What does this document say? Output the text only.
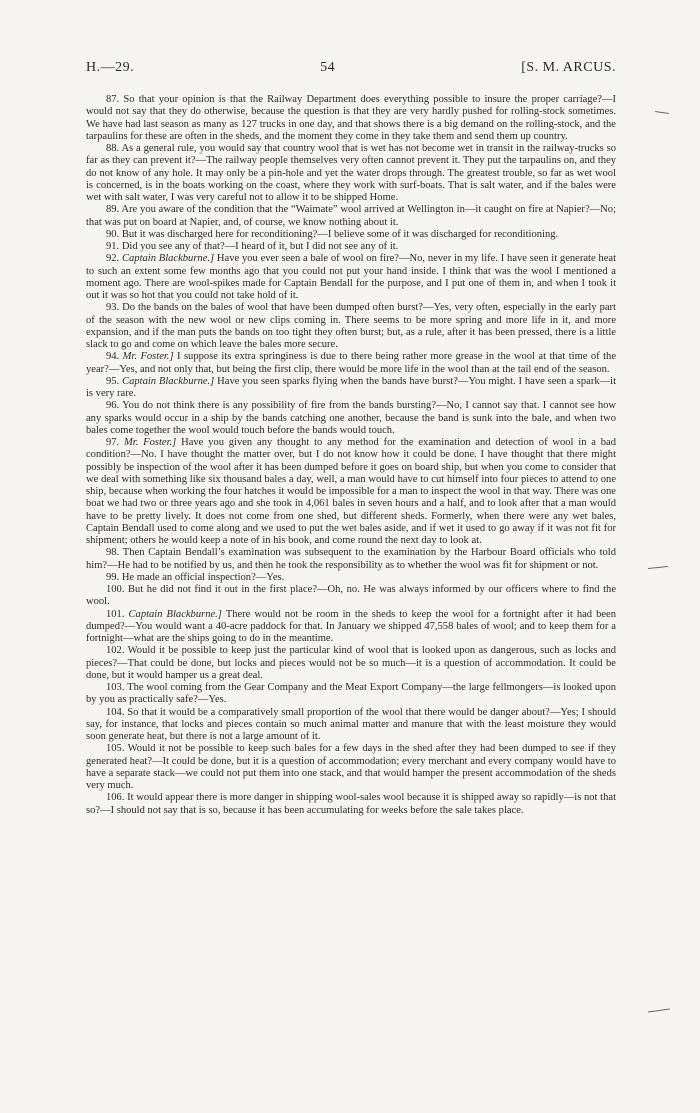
H.—29.	54	[S. M. ARCUS.

87. So that your opinion is that the Railway Department does everything possible to insure the proper carriage?—I would not say that they do otherwise, because the question is that they are very hardly pushed for rolling-stock sometimes. We have had last season as many as 127 trucks in one day, and that shows there is a big demand on the rolling-stock, and the tarpaulins for these are often in the sheds, and the moment they come in they take them and send them up country.

88. As a general rule, you would say that country wool that is wet has not become wet in transit in the railway-trucks so far as they can prevent it?—The railway people themselves very often cannot prevent it. They put the tarpaulins on, and they do not know of any hole. It may only be a pin-hole and yet the water drops through. The greatest trouble, so far as wet wool is concerned, is in the boats working on the coast, where they work with surf-boats. That is salt water, and if the bales were wet with salt water, I was very careful not to allow it to be shipped Home.

89. Are you aware of the condition that the “Waimate” wool arrived at Wellington in—it caught on fire at Napier?—No; that was put on board at Napier, and, of course, we know nothing about it.

90. But it was discharged here for reconditioning?—I believe some of it was discharged for reconditioning.

91. Did you see any of that?—I heard of it, but I did not see any of it.

92. Captain Blackburne.] Have you ever seen a bale of wool on fire?—No, never in my life. I have seen it generate heat to such an extent some few months ago that you could not put your hand inside. I think that was the wool I mentioned a moment ago. There are wool-spikes made for Captain Bendall for the purpose, and I put one of them in, and when I took it out it was so hot that you could not take hold of it.

93. Do the bands on the bales of wool that have been dumped often burst?—Yes, very often, especially in the early part of the season with the new wool or new clips coming in. There seems to be more spring and more life in it, and more expansion, and if the man puts the bands on too tight they often burst; but, as a rule, after it has been pressed, there is a little slack to go and come on which leave the bales more secure.

94. Mr. Foster.] I suppose its extra springiness is due to there being rather more grease in the wool at that time of the year?—Yes, and not only that, but being the first clip, there would be more life in the wool than at the tail end of the season.

95. Captain Blackburne.] Have you seen sparks flying when the bands have burst?—You might. I have seen a spark—it is very rare.

96. You do not think there is any possibility of fire from the bands bursting?—No, I cannot say that. I cannot see how any sparks would occur in a ship by the bands catching one another, because the band is sunk into the bale, and when two bales come together the wool would touch before the bands would touch.

97. Mr. Foster.] Have you given any thought to any method for the examination and detection of wool in a bad condition?—No. I have thought the matter over, but I do not know how it could be done. I have thought that there might possibly be inspection of the wool after it has been dumped before it goes on board ship, but when you come to consider that we deal with something like six thousand bales a day, well, a man would have to cut himself into four pieces to attend to one ship, because when working the four hatches it would be impossible for a man to inspect the wool in that way. There was one boat we had two or three years ago and she took in 4,061 bales in seven hours and a half, and to look after that a man would have to be pretty lively. It does not come from one shed, but different sheds. Formerly, when there were any wet bales, Captain Bendall used to come along and we used to put the wet bales aside, and if wet it used to go away if it was not fit for shipment; others he would keep a note of in his book, and come round the next day to look at.

98. Then Captain Bendall’s examination was subsequent to the examination by the Harbour Board officials who told him?—He had to be notified by us, and then he took the responsibility as to whether the wool was fit for shipment or not.

99. He made an official inspection?—Yes.

100. But he did not find it out in the first place?—Oh, no. He was always informed by our officers where to find the wool.

101. Captain Blackburne.] There would not be room in the sheds to keep the wool for a fortnight after it had been dumped?—You would want a 40-acre paddock for that. In January we shipped 47,558 bales of wool; and to keep them for a fortnight—what are the ships going to do in the meantime.

102. Would it be possible to keep just the particular kind of wool that is looked upon as dangerous, such as locks and pieces?—That could be done, but locks and pieces would not be so much—it is a question of accommodation. It could be done, but it would hamper us a great deal.

103. The wool coming from the Gear Company and the Meat Export Company—the large fellmongers—is looked upon by you as practically safe?—Yes.

104. So that it would be a comparatively small proportion of the wool that there would be danger about?—Yes; I should say, for instance, that locks and pieces contain so much animal matter and manure that with the least moisture they would soon generate heat, but there is not a large amount of it.

105. Would it not be possible to keep such bales for a few days in the shed after they had been dumped to see if they generated heat?—It could be done, but it is a question of accommodation; every merchant and every company would have to have a separate stack—we could not put them into one stack, and that would hamper the present accommodation of the sheds very much.

106. It would appear there is more danger in shipping wool-sales wool because it is shipped away so rapidly—is not that so?—I should not say that is so, because it has been accumulating for weeks before the sale takes place.
